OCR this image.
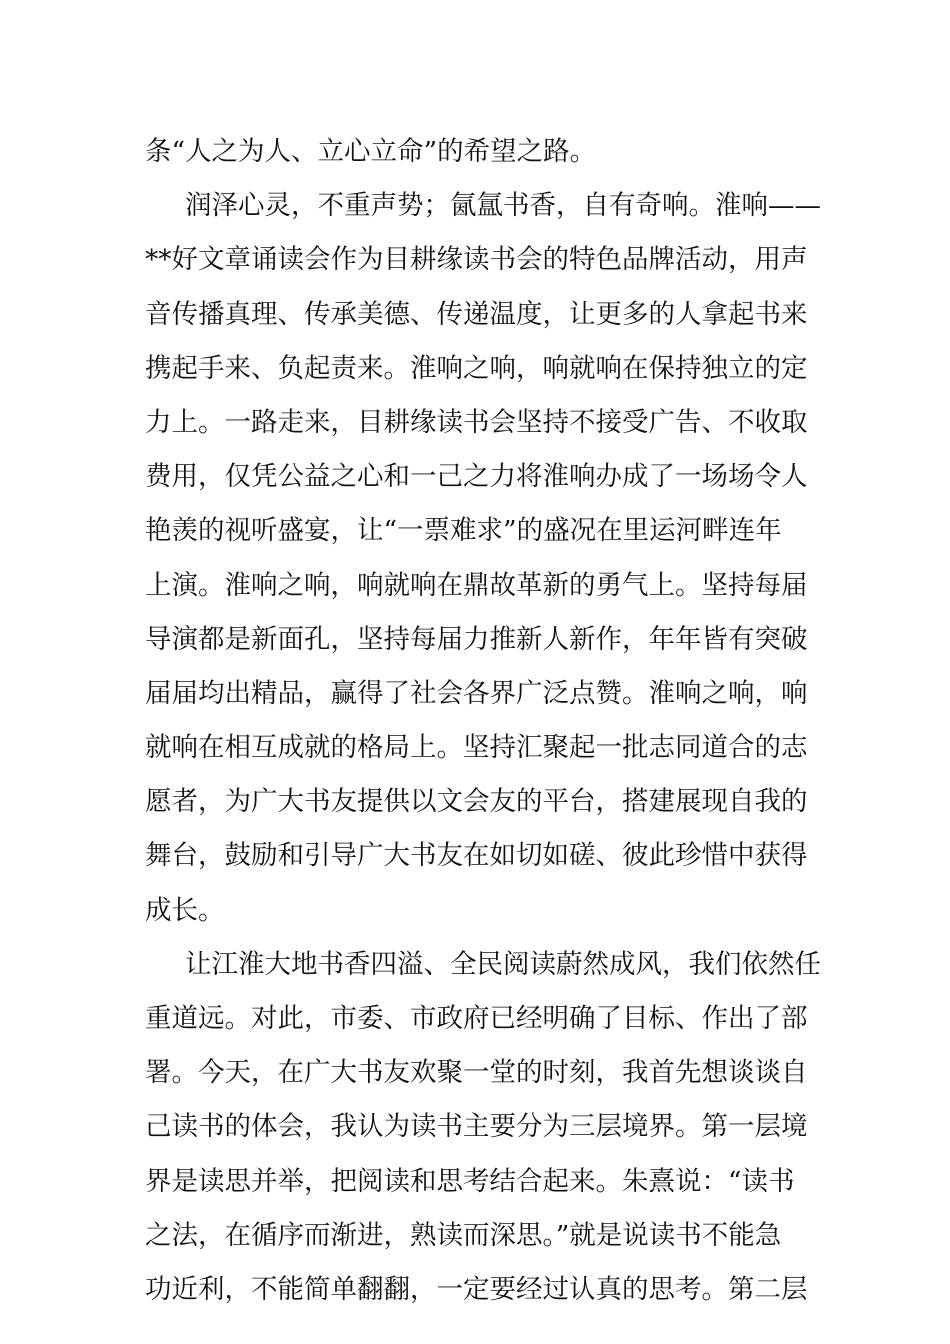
条“人之为人、立心立命”的希望之路。
润泽心灵，不重声势；氤氲书香，自有奇响。淮响——
**好文章诵读会作为目耕缘读书会的特色品牌活动，用声
音传播真理、传承美德、传递温度，让更多的人拿起书来
携起手来、负起责来。淮响之响，响就响在保持独立的定
力上。一路走来，目耕缘读书会坚持不接受广告、不收取
费用，仅凭公益之心和一己之力将淮响办成了一场场令人
艳羡的视听盛宴，让“一票难求”的盛况在里运河畔连年
上演。淮响之响，响就响在鼎故革新的勇气上。坚持每届
导演都是新面孔，坚持每届力推新人新作，年年皆有突破
届届均出精品，赢得了社会各界广泛点赞。淮响之响，响
就响在相互成就的格局上。坚持汇聚起一批志同道合的志
愿者，为广大书友提供以文会友的平台，搭建展现自我的
舞台，鼓励和引导广大书友在如切如磋、彼此珍惜中获得
成长。
让江淮大地书香四溢、全民阅读蔚然成风，我们依然任
重道远。对此，市委、市政府已经明确了目标、作出了部
署。今天，在广大书友欢聚一堂的时刻，我首先想谈谈自
己读书的体会，我认为读书主要分为三层境界。第一层境
界是读思并举，把阅读和思考结合起来。朱熹说：“读书
之法，在循序而渐进，熟读而深思。”就是说读书不能急
功近利，不能简单翻翻，一定要经过认真的思考。第二层
